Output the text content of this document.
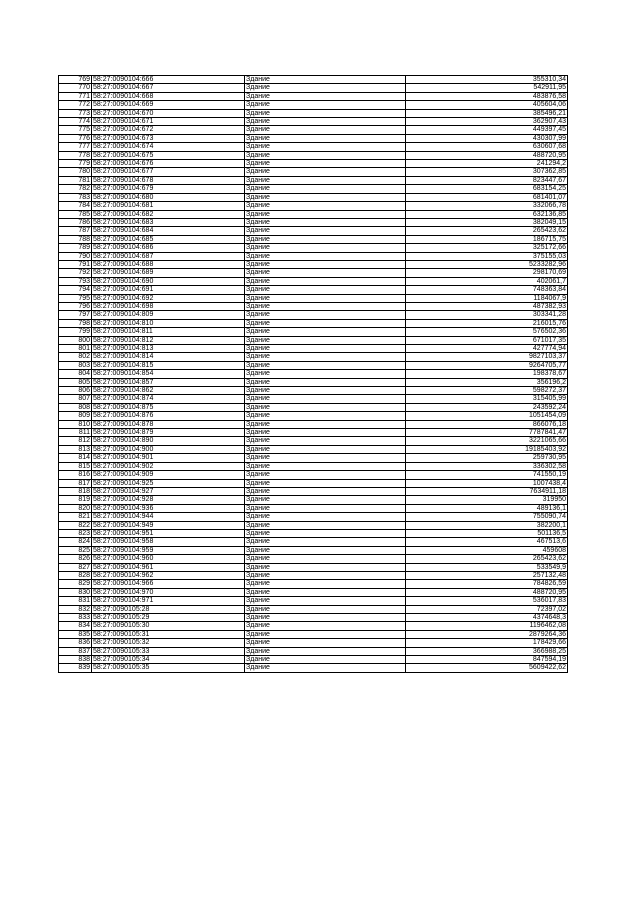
769	58:27:0090104:666	Здание	355310,34
770	58:27:0090104:667	Здание	542911,95
771	58:27:0090104:668	Здание	483876,58
772	58:27:0090104:669	Здание	405604,06
773	58:27:0090104:670	Здание	385496,21
774	58:27:0090104:671	Здание	362907,43
775	58:27:0090104:672	Здание	449397,45
776	58:27:0090104:673	Здание	430307,99
777	58:27:0090104:674	Здание	630607,68
778	58:27:0090104:675	Здание	488720,95
779	58:27:0090104:676	Здание	241294,2
780	58:27:0090104:677	Здание	307362,85
781	58:27:0090104:678	Здание	823447,67
782	58:27:0090104:679	Здание	683154,25
783	58:27:0090104:680	Здание	681401,07
784	58:27:0090104:681	Здание	332066,78
785	58:27:0090104:682	Здание	632136,85
786	58:27:0090104:683	Здание	382049,15
787	58:27:0090104:684	Здание	265423,62
788	58:27:0090104:685	Здание	186715,75
789	58:27:0090104:686	Здание	325172,66
790	58:27:0090104:687	Здание	375155,03
791	58:27:0090104:688	Здание	5233282,96
792	58:27:0090104:689	Здание	298170,69
793	58:27:0090104:690	Здание	402061,7
794	58:27:0090104:691	Здание	748363,84
795	58:27:0090104:692	Здание	1184067,9
796	58:27:0090104:698	Здание	487382,93
797	58:27:0090104:809	Здание	303341,28
798	58:27:0090104:810	Здание	216015,76
799	58:27:0090104:811	Здание	576502,36
800	58:27:0090104:812	Здание	671017,35
801	58:27:0090104:813	Здание	427774,94
802	58:27:0090104:814	Здание	9827103,37
803	58:27:0090104:815	Здание	9264705,77
804	58:27:0090104:854	Здание	198378,67
805	58:27:0090104:857	Здание	356196,2
806	58:27:0090104:862	Здание	598272,37
807	58:27:0090104:874	Здание	315405,99
808	58:27:0090104:875	Здание	243592,24
809	58:27:0090104:876	Здание	1051454,09
810	58:27:0090104:878	Здание	866076,18
811	58:27:0090104:879	Здание	7787841,47
812	58:27:0090104:890	Здание	3221065,66
813	58:27:0090104:900	Здание	19185403,92
814	58:27:0090104:901	Здание	259730,95
815	58:27:0090104:902	Здание	336302,58
816	58:27:0090104:909	Здание	741550,19
817	58:27:0090104:925	Здание	1007438,4
818	58:27:0090104:927	Здание	7634911,18
819	58:27:0090104:928	Здание	319950
820	58:27:0090104:936	Здание	489136,1
821	58:27:0090104:944	Здание	755090,74
822	58:27:0090104:949	Здание	382200,1
823	58:27:0090104:951	Здание	501136,5
824	58:27:0090104:958	Здание	467513,6
825	58:27:0090104:959	Здание	459608
826	58:27:0090104:960	Здание	265423,62
827	58:27:0090104:961	Здание	533549,9
828	58:27:0090104:962	Здание	257132,48
829	58:27:0090104:966	Здание	784826,59
830	58:27:0090104:970	Здание	488720,95
831	58:27:0090104:971	Здание	536017,83
832	58:27:0090105:28	Здание	72397,02
833	58:27:0090105:29	Здание	4374648,3
834	58:27:0090105:30	Здание	1196462,08
835	58:27:0090105:31	Здание	2879264,36
836	58:27:0090105:32	Здание	178429,66
837	58:27:0090105:33	Здание	366988,25
838	58:27:0090105:34	Здание	847594,19
839	58:27:0090105:35	Здание	5609422,62
